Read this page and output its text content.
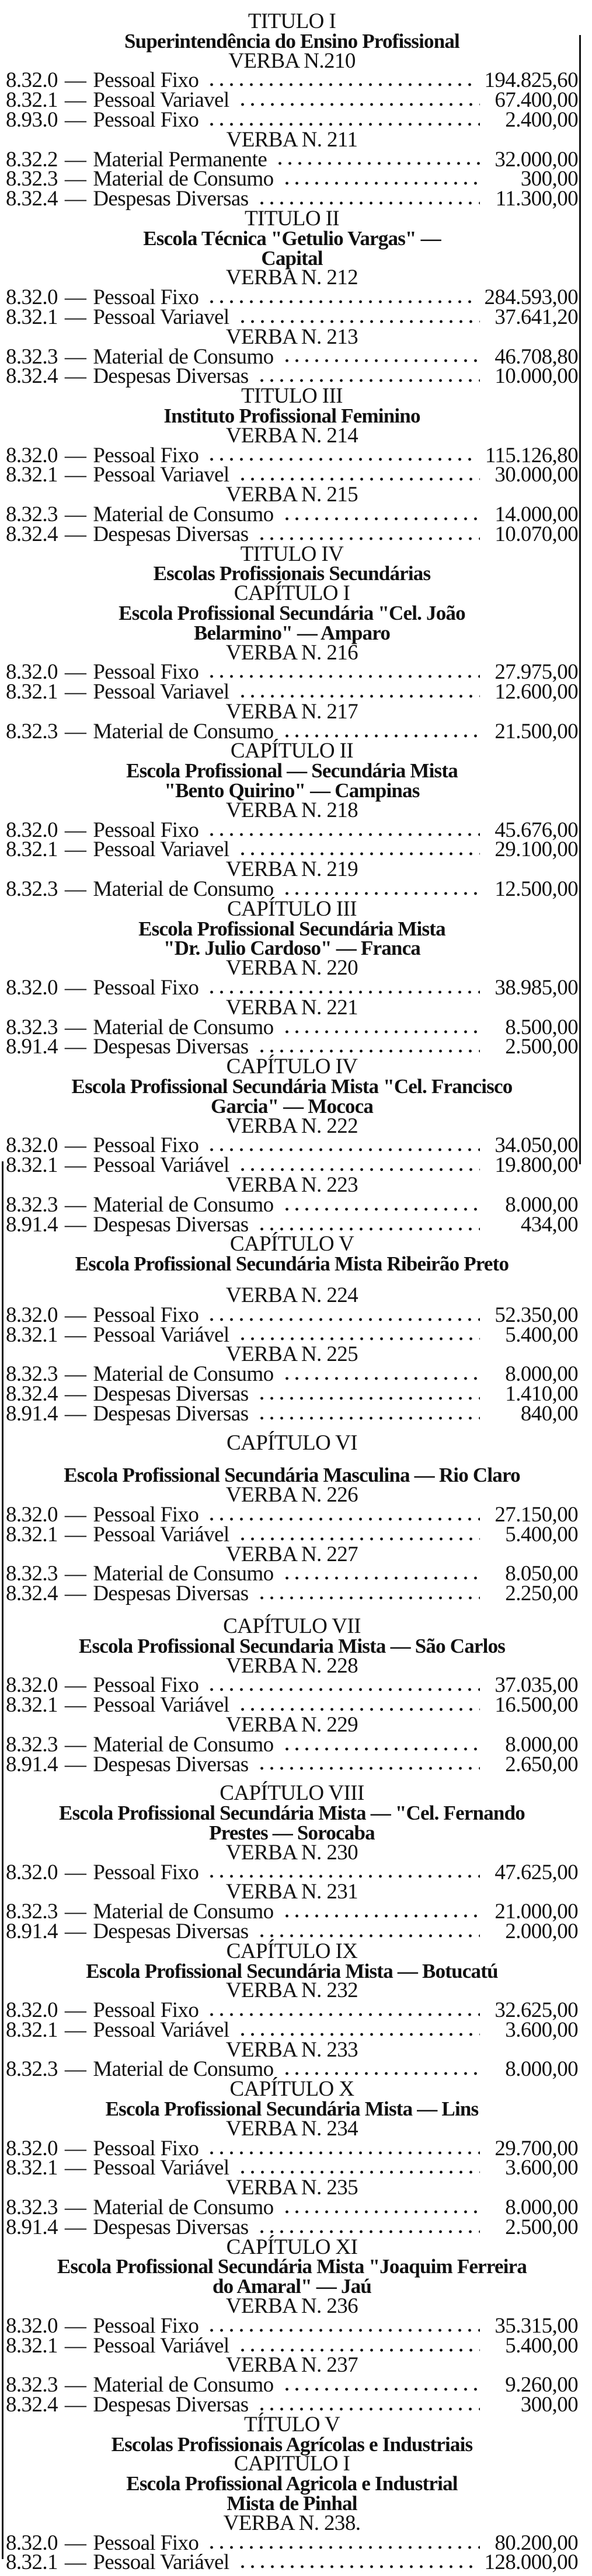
TITULO I
Superintendência do Ensino Profissional
VERBA N.210
8.32.0 — Pessoal Fixo	194.825,60
8.32.1 — Pessoal Variavel	67.400,00
8.93.0 — Pessoal Fixo	2.400,00
VERBA N. 211
8.32.2 — Material Permanente	32.000,00
8.32.3 — Material de Consumo	300,00
8.32.4 — Despesas Diversas	11.300,00
TITULO II
Escola Técnica "Getulio Vargas" —
Capital
VERBA N. 212
8.32.0 — Pessoal Fixo	284.593,00
8.32.1 — Pessoal Variavel	37.641,20
VERBA N. 213
8.32.3 — Material de Consumo	46.708,80
8.32.4 — Despesas Diversas	10.000,00
TITULO III
Instituto Profissional Feminino
VERBA N. 214
8.32.0 — Pessoal Fixo	115.126,80
8.32.1 — Pessoal Variavel	30.000,00
VERBA N. 215
8.32.3 — Material de Consumo	14.000,00
8.32.4 — Despesas Diversas	10.070,00
TITULO IV
Escolas Profissionais Secundárias
CAPÍTULO I
Escola Profissional Secundária "Cel. João
Belarmino" — Amparo
VERBA N. 216
8.32.0 — Pessoal Fixo	27.975,00
8.32.1 — Pessoal Variavel	12.600,00
VERBA N. 217
8.32.3 — Material de Consumo	21.500,00
CAPÍTULO II
Escola Profissional — Secundária Mista
"Bento Quirino" — Campinas
VERBA N. 218
8.32.0 — Pessoal Fixo	45.676,00
8.32.1 — Pessoal Variavel	29.100,00
VERBA N. 219
8.32.3 — Material de Consumo	12.500,00
CAPÍTULO III
Escola Profissional Secundária Mista
"Dr. Julio Cardoso" — Franca
VERBA N. 220
8.32.0 — Pessoal Fixo	38.985,00
VERBA N. 221
8.32.3 — Material de Consumo	8.500,00
8.91.4 — Despesas Diversas	2.500,00
CAPÍTULO IV
Escola Profissional Secundária Mista "Cel. Francisco
Garcia" — Mococa
VERBA N. 222
8.32.0 — Pessoal Fixo	34.050,00
8.32.1 — Pessoal Variável	19.800,00
VERBA N. 223
8.32.3 — Material de Consumo	8.000,00
8.91.4 — Despesas Diversas	434,00
CAPÍTULO V
Escola Profissional Secundária Mista Ribeirão Preto
VERBA N. 224
8.32.0 — Pessoal Fixo	52.350,00
8.32.1 — Pessoal Variável	5.400,00
VERBA N. 225
8.32.3 — Material de Consumo	8.000,00
8.32.4 — Despesas Diversas	1.410,00
8.91.4 — Despesas Diversas	840,00
CAPÍTULO VI
Escola Profissional Secundária Masculina — Rio Claro
VERBA N. 226
8.32.0 — Pessoal Fixo	27.150,00
8.32.1 — Pessoal Variável	5.400,00
VERBA N. 227
8.32.3 — Material de Consumo	8.050,00
8.32.4 — Despesas Diversas	2.250,00
CAPÍTULO VII
Escola Profissional Secundaria Mista — São Carlos
VERBA N. 228
8.32.0 — Pessoal Fixo	37.035,00
8.32.1 — Pessoal Variável	16.500,00
VERBA N. 229
8.32.3 — Material de Consumo	8.000,00
8.91.4 — Despesas Diversas	2.650,00
CAPÍTULO VIII
Escola Profissional Secundária Mista — "Cel. Fernando
Prestes — Sorocaba
VERBA N. 230
8.32.0 — Pessoal Fixo	47.625,00
VERBA N. 231
8.32.3 — Material de Consumo	21.000,00
8.91.4 — Despesas Diversas	2.000,00
CAPÍTULO IX
Escola Profissional Secundária Mista — Botucatú
VERBA N. 232
8.32.0 — Pessoal Fixo	32.625,00
8.32.1 — Pessoal Variável	3.600,00
VERBA N. 233
8.32.3 — Material de Consumo	8.000,00
CAPÍTULO X
Escola Profissional Secundária Mista — Lins
VERBA N. 234
8.32.0 — Pessoal Fixo	29.700,00
8.32.1 — Pessoal Variável	3.600,00
VERBA N. 235
8.32.3 — Material de Consumo	8.000,00
8.91.4 — Despesas Diversas	2.500,00
CAPÍTULO XI
Escola Profissional Secundária Mista "Joaquim Ferreira
do Amaral" — Jaú
VERBA N. 236
8.32.0 — Pessoal Fixo	35.315,00
8.32.1 — Pessoal Variável	5.400,00
VERBA N. 237
8.32.3 — Material de Consumo	9.260,00
8.32.4 — Despesas Diversas	300,00
TÍTULO V
Escolas Profissionais Agrícolas e Industriais
CAPITULO I
Escola Profissional Agricola e Industrial
Mista de Pinhal
VERBA N. 238.
8.32.0 — Pessoal Fixo	80.200,00
8.32.1 — Pessoal Variável	128.000,00
